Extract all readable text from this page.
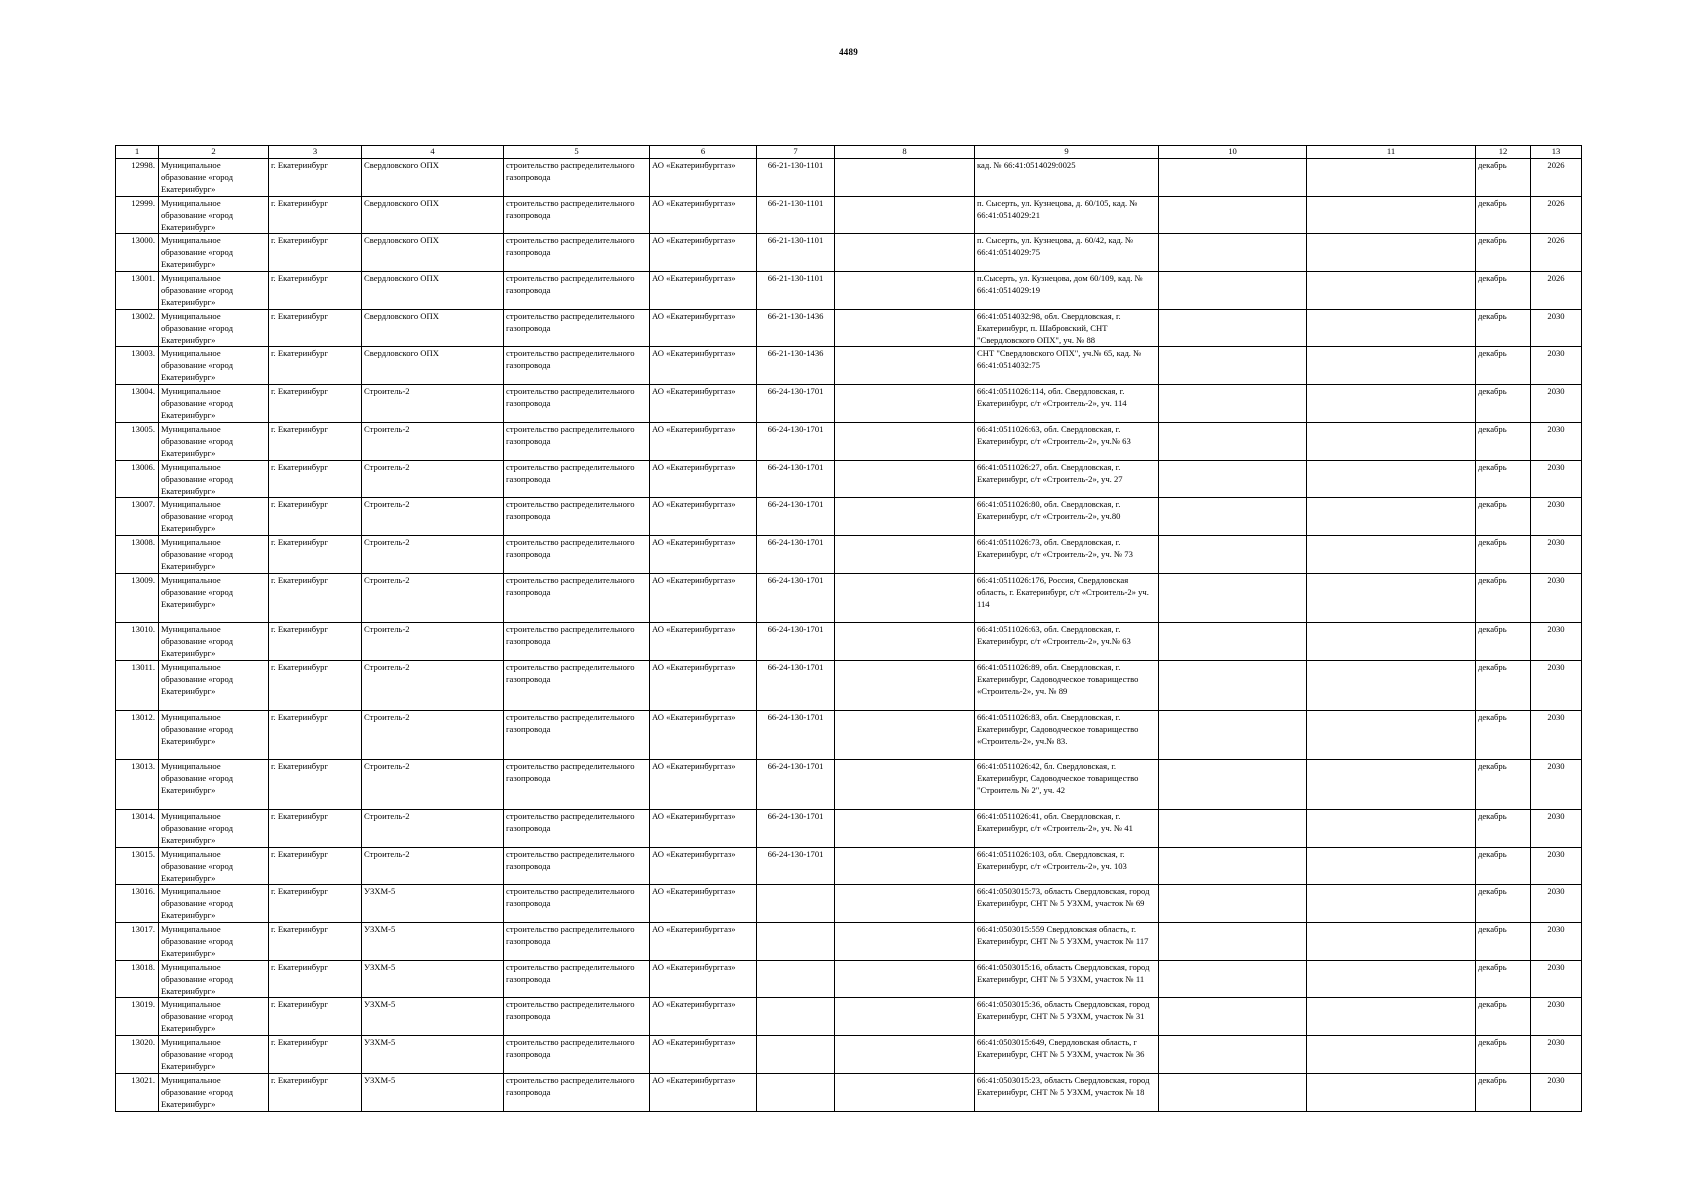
4489
1	2	3	4	5	6	7	8	9	10	11	12	13
12998.	Муниципальное образование «город Екатеринбург»	г. Екатеринбург	Свердловского ОПХ	строительство распределительного газопровода	АО «Екатеринбурггаз»	66-21-130-1101		кад. № 66:41:0514029:0025			декабрь	2026
12999.	Муниципальное образование «город Екатеринбург»	г. Екатеринбург	Свердловского ОПХ	строительство распределительного газопровода	АО «Екатеринбурггаз»	66-21-130-1101		п. Сысерть, ул. Кузнецова, д. 60/105, кад. № 66:41:0514029:21			декабрь	2026
13000.	Муниципальное образование «город Екатеринбург»	г. Екатеринбург	Свердловского ОПХ	строительство распределительного газопровода	АО «Екатеринбурггаз»	66-21-130-1101		п. Сысерть, ул. Кузнецова, д. 60/42, кад. № 66:41:0514029:75			декабрь	2026
13001.	Муниципальное образование «город Екатеринбург»	г. Екатеринбург	Свердловского ОПХ	строительство распределительного газопровода	АО «Екатеринбурггаз»	66-21-130-1101		п.Сысерть, ул. Кузнецова, дом 60/109, кад. № 66:41:0514029:19			декабрь	2026
13002.	Муниципальное образование «город Екатеринбург»	г. Екатеринбург	Свердловского ОПХ	строительство распределительного газопровода	АО «Екатеринбурггаз»	66-21-130-1436		66:41:0514032:98, обл. Свердловская, г. Екатеринбург, п. Шабровский, СНТ "Свердловского ОПХ", уч. № 88			декабрь	2030
13003.	Муниципальное образование «город Екатеринбург»	г. Екатеринбург	Свердловского ОПХ	строительство распределительного газопровода	АО «Екатеринбурггаз»	66-21-130-1436		СНТ "Свердловского ОПХ", уч.№ 65, кад. № 66:41:0514032:75			декабрь	2030
13004.	Муниципальное образование «город Екатеринбург»	г. Екатеринбург	Строитель-2	строительство распределительного газопровода	АО «Екатеринбурггаз»	66-24-130-1701		66:41:0511026:114, обл. Свердловская, г. Екатеринбург, с/т «Строитель-2», уч. 114			декабрь	2030
13005.	Муниципальное образование «город Екатеринбург»	г. Екатеринбург	Строитель-2	строительство распределительного газопровода	АО «Екатеринбурггаз»	66-24-130-1701		66:41:0511026:63, обл. Свердловская, г. Екатеринбург, с/т «Строитель-2», уч.№ 63			декабрь	2030
13006.	Муниципальное образование «город Екатеринбург»	г. Екатеринбург	Строитель-2	строительство распределительного газопровода	АО «Екатеринбурггаз»	66-24-130-1701		66:41:0511026:27, обл. Свердловская, г. Екатеринбург, с/т «Строитель-2», уч. 27			декабрь	2030
13007.	Муниципальное образование «город Екатеринбург»	г. Екатеринбург	Строитель-2	строительство распределительного газопровода	АО «Екатеринбурггаз»	66-24-130-1701		66:41:0511026:80, обл. Свердловская, г. Екатеринбург, с/т «Строитель-2», уч.80			декабрь	2030
13008.	Муниципальное образование «город Екатеринбург»	г. Екатеринбург	Строитель-2	строительство распределительного газопровода	АО «Екатеринбурггаз»	66-24-130-1701		66:41:0511026:73, обл. Свердловская, г. Екатеринбург, с/т «Строитель-2», уч. № 73			декабрь	2030
13009.	Муниципальное образование «город Екатеринбург»	г. Екатеринбург	Строитель-2	строительство распределительного газопровода	АО «Екатеринбурггаз»	66-24-130-1701		66:41:0511026:176, Россия, Свердловская область, г. Екатеринбург, с/т «Строитель-2» уч. 114			декабрь	2030
13010.	Муниципальное образование «город Екатеринбург»	г. Екатеринбург	Строитель-2	строительство распределительного газопровода	АО «Екатеринбурггаз»	66-24-130-1701		66:41:0511026:63, обл. Свердловская, г. Екатеринбург, с/т «Строитель-2», уч.№ 63			декабрь	2030
13011.	Муниципальное образование «город Екатеринбург»	г. Екатеринбург	Строитель-2	строительство распределительного газопровода	АО «Екатеринбурггаз»	66-24-130-1701		66:41:0511026:89, обл. Свердловская, г. Екатеринбург, Садоводческое товарищество «Строитель-2», уч. № 89			декабрь	2030
13012.	Муниципальное образование «город Екатеринбург»	г. Екатеринбург	Строитель-2	строительство распределительного газопровода	АО «Екатеринбурггаз»	66-24-130-1701		66:41:0511026:83, обл. Свердловская, г. Екатеринбург, Садоводческое товарищество «Строитель-2», уч.№ 83.			декабрь	2030
13013.	Муниципальное образование «город Екатеринбург»	г. Екатеринбург	Строитель-2	строительство распределительного газопровода	АО «Екатеринбурггаз»	66-24-130-1701		66:41:0511026:42, бл. Свердловская, г. Екатеринбург, Садоводческое товарищество "Строитель № 2", уч. 42			декабрь	2030
13014.	Муниципальное образование «город Екатеринбург»	г. Екатеринбург	Строитель-2	строительство распределительного газопровода	АО «Екатеринбурггаз»	66-24-130-1701		66:41:0511026:41, обл. Свердловская, г. Екатеринбург, с/т «Строитель-2», уч. № 41			декабрь	2030
13015.	Муниципальное образование «город Екатеринбург»	г. Екатеринбург	Строитель-2	строительство распределительного газопровода	АО «Екатеринбурггаз»	66-24-130-1701		66:41:0511026:103, обл. Свердловская, г. Екатеринбург, с/т «Строитель-2», уч. 103			декабрь	2030
13016.	Муниципальное образование «город Екатеринбург»	г. Екатеринбург	УЗХМ-5	строительство распределительного газопровода	АО «Екатеринбурггаз»			66:41:0503015:73, область Свердловская, город Екатеринбург, СНТ № 5 УЗХМ, участок № 69			декабрь	2030
13017.	Муниципальное образование «город Екатеринбург»	г. Екатеринбург	УЗХМ-5	строительство распределительного газопровода	АО «Екатеринбурггаз»			66:41:0503015:559 Свердловская область, г. Екатеринбург, СНТ № 5 УЗХМ, участок № 117			декабрь	2030
13018.	Муниципальное образование «город Екатеринбург»	г. Екатеринбург	УЗХМ-5	строительство распределительного газопровода	АО «Екатеринбурггаз»			66:41:0503015:16, область Свердловская, город Екатеринбург, СНТ № 5 УЗХМ, участок № 11			декабрь	2030
13019.	Муниципальное образование «город Екатеринбург»	г. Екатеринбург	УЗХМ-5	строительство распределительного газопровода	АО «Екатеринбурггаз»			66:41:0503015:36, область Свердловская, город Екатеринбург, СНТ № 5 УЗХМ, участок № 31			декабрь	2030
13020.	Муниципальное образование «город Екатеринбург»	г. Екатеринбург	УЗХМ-5	строительство распределительного газопровода	АО «Екатеринбурггаз»			66:41:0503015:649, Свердловская область, г Екатеринбург, СНТ № 5 УЗХМ, участок № 36			декабрь	2030
13021.	Муниципальное образование «город Екатеринбург»	г. Екатеринбург	УЗХМ-5	строительство распределительного газопровода	АО «Екатеринбурггаз»			66:41:0503015:23, область Свердловская, город Екатеринбург, СНТ № 5 УЗХМ, участок № 18			декабрь	2030
